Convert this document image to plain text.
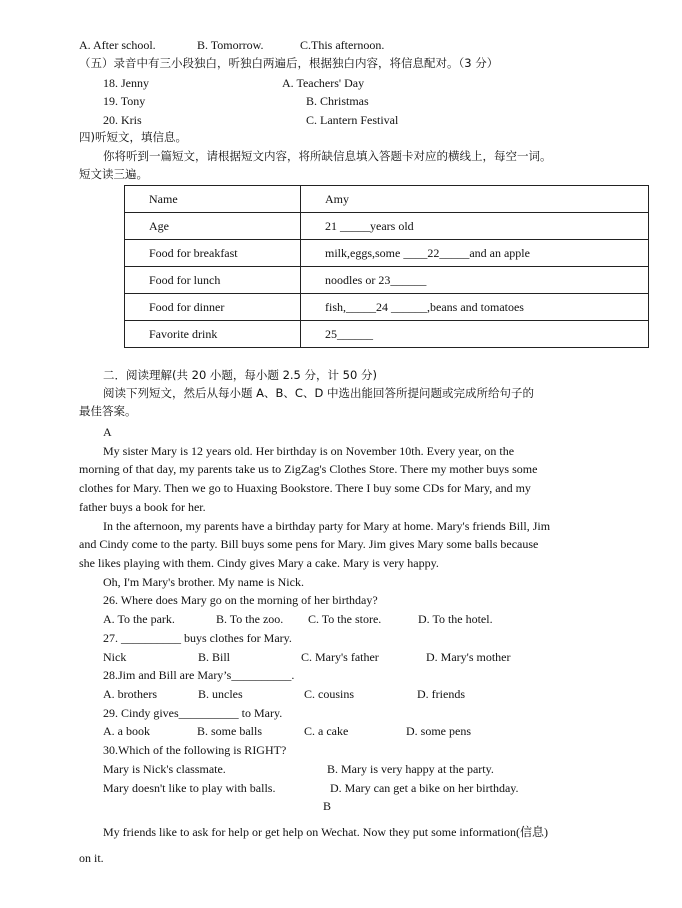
A. After school.	B. Tomorrow.	C.This afternoon.
（五）录音中有三小段独白，听独白两遍后，根据独白内容，将信息配对。（3 分）
18. Jenny	A. Teachers' Day
19. Tony	B. Christmas
20. Kris	C. Lantern Festival
四)听短文，填信息。
你将听到一篇短文，请根据短文内容，将所缺信息填入答题卡对应的横线上，每空一词。
短文读三遍。
Name	Amy
Age	21 _____years old
Food for breakfast	milk,eggs,some ____22_____and an apple
Food for lunch	noodles or 23______
Food for dinner	fish,_____24 ______,beans and tomatoes
Favorite drink	25______
二．阅读理解(共 20 小题，每小题 2.5 分，计 50 分)
阅读下列短文，然后从每小题 A、B、C、D 中选出能回答所提问题或完成所给句子的
最佳答案。
A
My sister Mary is 12 years old. Her birthday is on November 10th. Every year, on the
morning of that day, my parents take us to ZigZag's Clothes Store. There my mother buys some
clothes for Mary. Then we go to Huaxing Bookstore. There I buy some CDs for Mary, and my
father buys a book for her.
In the afternoon, my parents have a birthday party for Mary at home. Mary's friends Bill, Jim
and Cindy come to the party. Bill buys some pens for Mary. Jim gives Mary some balls because
she likes playing with them. Cindy gives Mary a cake. Mary is very happy.
Oh, I'm Mary's brother. My name is Nick.
26. Where does Mary go on the morning of her birthday?
A. To the park.	B. To the zoo. C. To the store.	D. To the hotel.
27. __________ buys clothes for Mary.
Nick	B. Bill	C. Mary's father	D. Mary's mother
28.Jim and Bill are Mary’s__________.
A. brothers	B. uncles	C. cousins	D. friends
29. Cindy gives__________ to Mary.
A. a book	B. some balls	C. a cake	D. some pens
30.Which of the following is RIGHT?
Mary is Nick's classmate.	B. Mary is very happy at the party.
Mary doesn't like to play with balls.	D. Mary can get a bike on her birthday.
B
My friends like to ask for help or get help on Wechat. Now they put some information(信息)
on it.
